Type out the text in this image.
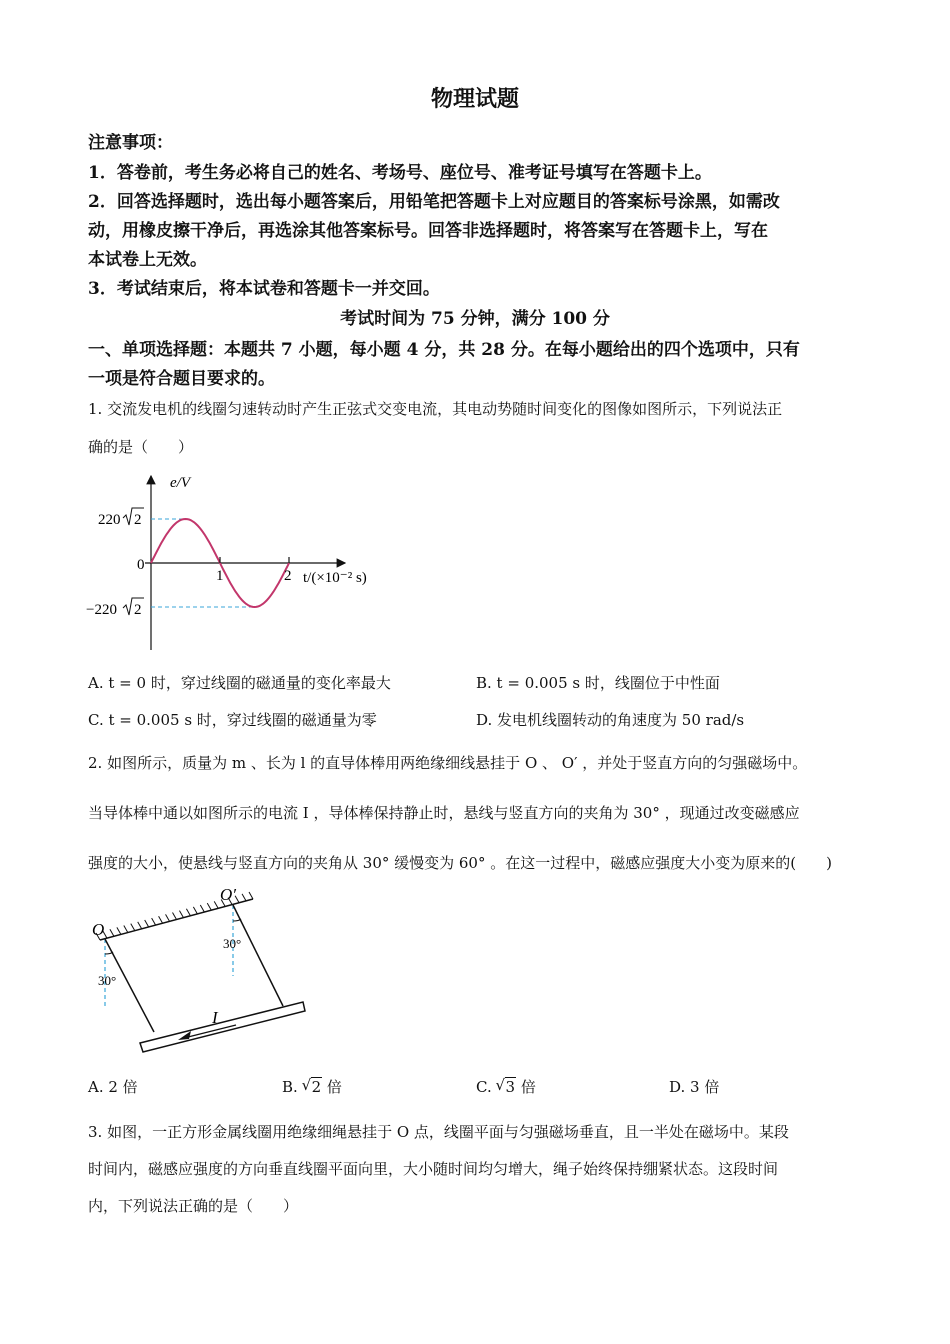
物理试题
注意事项：
1．答卷前，考生务必将自己的姓名、考场号、座位号、准考证号填写在答题卡上。
2．回答选择题时，选出每小题答案后，用铅笔把答题卡上对应题目的答案标号涂黑，如需改
动，用橡皮擦干净后，再选涂其他答案标号。回答非选择题时，将答案写在答题卡上，写在
本试卷上无效。
3．考试结束后，将本试卷和答题卡一并交回。
考试时间为 75 分钟，满分 100 分
一、单项选择题：本题共 7 小题，每小题 4 分，共 28 分。在每小题给出的四个选项中，只有
一项是符合题目要求的。
1. 交流发电机的线圈匀速转动时产生正弦式交变电流，其电动势随时间变化的图像如图所示，下列说法正
确的是（　　）
e/V
t/(×10⁻² s)
1	2
0
220 2
−220 2
A. t = 0 时，穿过线圈的磁通量的变化率最大	B. t = 0.005 s 时，线圈位于中性面
C. t = 0.005 s 时，穿过线圈的磁通量为零	D. 发电机线圈转动的角速度为 50 rad/s
2. 如图所示，质量为 m 、长为 l 的直导体棒用两绝缘细线悬挂于 O 、 O′ ，并处于竖直方向的匀强磁场中。
当导体棒中通以如图所示的电流 I ，导体棒保持静止时，悬线与竖直方向的夹角为 30° ，现通过改变磁感应
强度的大小，使悬线与竖直方向的夹角从 30° 缓慢变为 60° 。在这一过程中，磁感应强度大小变为原来的(　　)
I
O
O′
30°
30°
A. 2 倍	B. √ 2 倍	C. √ 3 倍	D. 3 倍
3. 如图，一正方形金属线圈用绝缘细绳悬挂于 O 点，线圈平面与匀强磁场垂直，且一半处在磁场中。某段
时间内，磁感应强度的方向垂直线圈平面向里，大小随时间均匀增大，绳子始终保持绷紧状态。这段时间
内，下列说法正确的是（　　）
